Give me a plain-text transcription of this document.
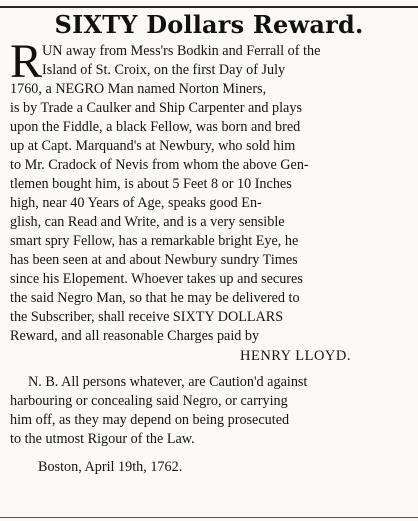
SIXTY Dollars Reward.
R UN away from Mess'rs Bodkin and Ferrall of the
Island of St. Croix, on the first Day of July
1760, a NEGRO Man named Norton Miners,
is by Trade a Caulker and Ship Carpenter and plays
upon the Fiddle, a black Fellow, was born and bred
up at Capt. Marquand's at Newbury, who sold him
to Mr. Cradock of Nevis from whom the above Gen-
tlemen bought him, is about 5 Feet 8 or 10 Inches
high, near 40 Years of Age, speaks good En-
glish, can Read and Write, and is a very sensible
smart spry Fellow, has a remarkable bright Eye, he
has been seen at and about Newbury sundry Times
since his Elopement. Whoever takes up and secures
the said Negro Man, so that he may be delivered to
the Subscriber, shall receive SIXTY DOLLARS
Reward, and all reasonable Charges paid by
HENRY LLOYD.
N. B. All persons whatever, are Caution'd against
harbouring or concealing said Negro, or carrying
him off, as they may depend on being prosecuted
to the utmost Rigour of the Law.
Boston, April 19th, 1762.
